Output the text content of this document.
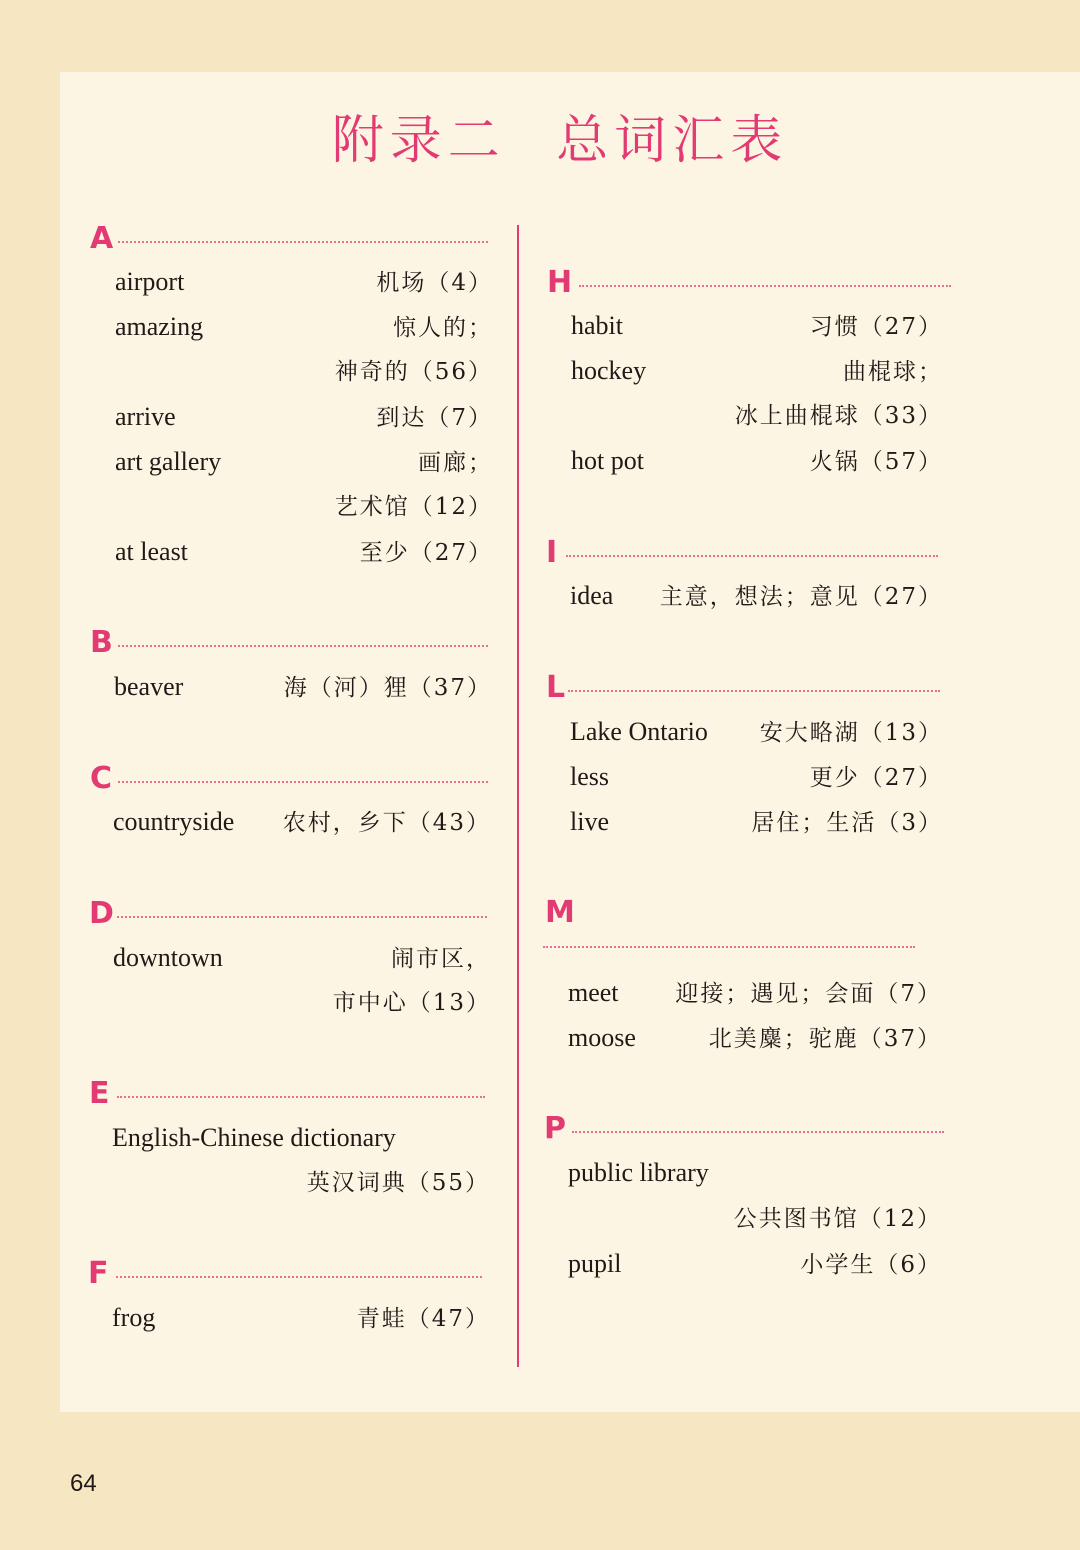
附录二 总词汇表
A
airport	机场（4）
amazing	惊人的；
神奇的（56）
arrive	到达（7）
art gallery	画廊；
艺术馆（12）
at least	至少（27）
B
beaver	海（河）狸（37）
C
countryside 农村，乡下（43）
D
downtown	闹市区，
市中心（13）
E
English-Chinese dictionary
英汉词典（55）
F
frog	青蛙（47）
H
habit	习惯（27）
hockey	曲棍球；
冰上曲棍球（33）
hot pot	火锅（57）
I
idea 主意，想法；意见（27）
L
Lake Ontario 安大略湖（13）
less	更少（27）
live	居住；生活（3）
M
meet 迎接；遇见；会面（7）
moose	北美麋；驼鹿（37）
P
public library
公共图书馆（12）
pupil	小学生（6）
64
